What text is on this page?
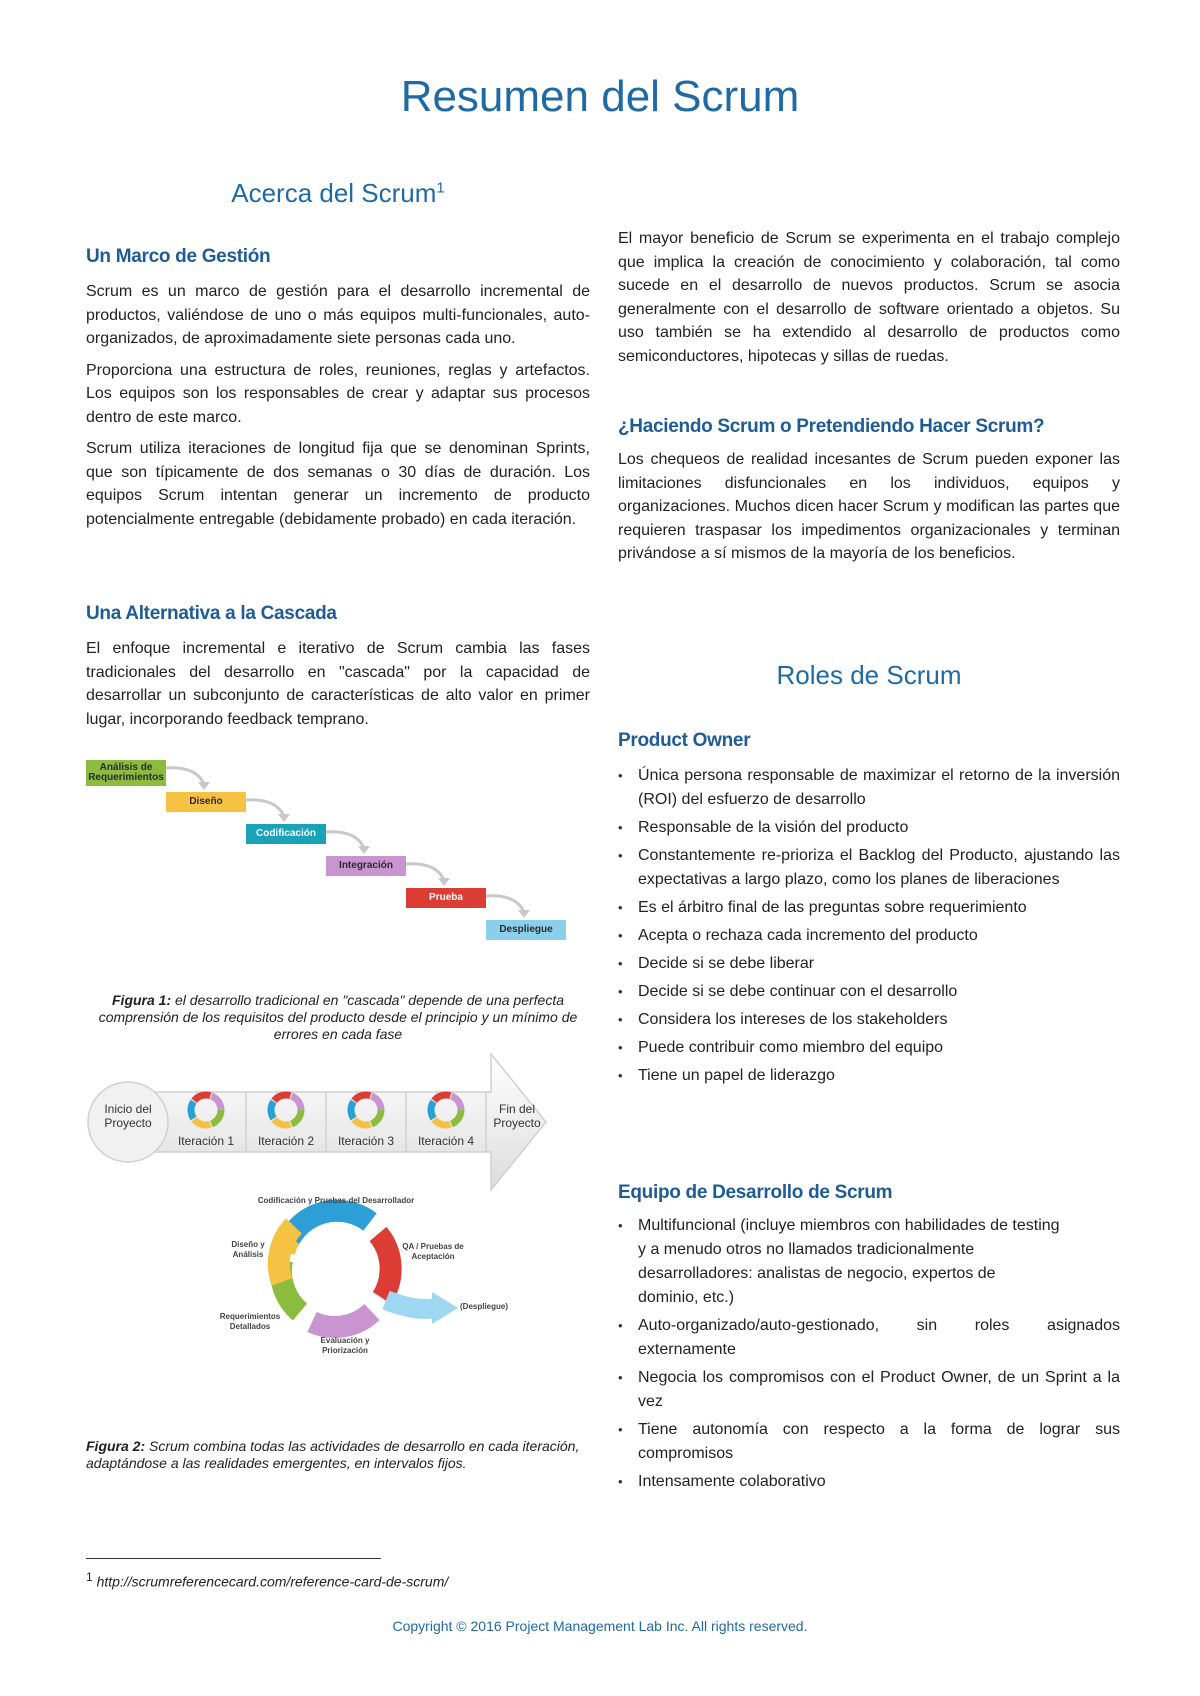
Resumen del Scrum
Acerca del Scrum$^1$
Un Marco de Gestión

Scrum es un marco de gestión para el desarrollo incremental de productos, valiéndose de uno o más equipos multi-funcionales, auto-organizados, de aproximadamente siete personas cada uno.

Proporciona una estructura de roles, reuniones, reglas y artefactos. Los equipos son los responsables de crear y adaptar sus procesos dentro de este marco.

Scrum utiliza iteraciones de longitud fija que se denominan Sprints, que son típicamente de dos semanas o 30 días de duración. Los equipos Scrum intentan generar un incremento de producto potencialmente entregable (debidamente probado) en cada iteración.

Una Alternativa a la Cascada

El enfoque incremental e iterativo de Scrum cambia las fases tradicionales del desarrollo en "cascada" por la capacidad de desarrollar un subconjunto de características de alto valor en primer lugar, incorporando feedback temprano.

Análisis de Requerimientos
Diseño
Codificación
Integración
Prueba
Despliegue

Figura 1: el desarrollo tradicional en "cascada" depende de una perfecta comprensión de los requisitos del producto desde el principio y un mínimo de errores en cada fase

Inicio del Proyecto
Fin del Proyecto
Iteración 1	Iteración 2	Iteración 3	Iteración 4
Codificación y Pruebas del Desarrollador
QA / Pruebas de Aceptación
Diseño y Análisis
Requerimientos Detallados
Evaluación y Priorización
(Despliegue)

Figura 2: Scrum combina todas las actividades de desarrollo en cada iteración, adaptándose a las realidades emergentes, en intervalos fijos.

El mayor beneficio de Scrum se experimenta en el trabajo complejo que implica la creación de conocimiento y colaboración, tal como sucede en el desarrollo de nuevos productos. Scrum se asocia generalmente con el desarrollo de software orientado a objetos. Su uso también se ha extendido al desarrollo de productos como semiconductores, hipotecas y sillas de ruedas.

¿Haciendo Scrum o Pretendiendo Hacer Scrum?

Los chequeos de realidad incesantes de Scrum pueden exponer las limitaciones disfuncionales en los individuos, equipos y organizaciones. Muchos dicen hacer Scrum y modifican las partes que requieren traspasar los impedimentos organizacionales y terminan privándose a sí mismos de la mayoría de los beneficios.

Roles de Scrum
Product Owner
• Única persona responsable de maximizar el retorno de la inversión (ROI) del esfuerzo de desarrollo
• Responsable de la visión del producto
• Constantemente re-prioriza el Backlog del Producto, ajustando las expectativas a largo plazo, como los planes de liberaciones
• Es el árbitro final de las preguntas sobre requerimiento
• Acepta o rechaza cada incremento del producto
• Decide si se debe liberar
• Decide si se debe continuar con el desarrollo
• Considera los intereses de los stakeholders
• Puede contribuir como miembro del equipo
• Tiene un papel de liderazgo
Equipo de Desarrollo de Scrum
• Multifuncional (incluye miembros con habilidades de testing y a menudo otros no llamados tradicionalmente desarrolladores: analistas de negocio, expertos de dominio, etc.)
• Auto-organizado/auto-gestionado, sin roles asignados externamente
• Negocia los compromisos con el Product Owner, de un Sprint a la vez
• Tiene autonomía con respecto a la forma de lograr sus compromisos
• Intensamente colaborativo
$^1$ http://scrumreferencecard.com/reference-card-de-scrum/
Copyright © 2016 Project Management Lab Inc. All rights reserved.
